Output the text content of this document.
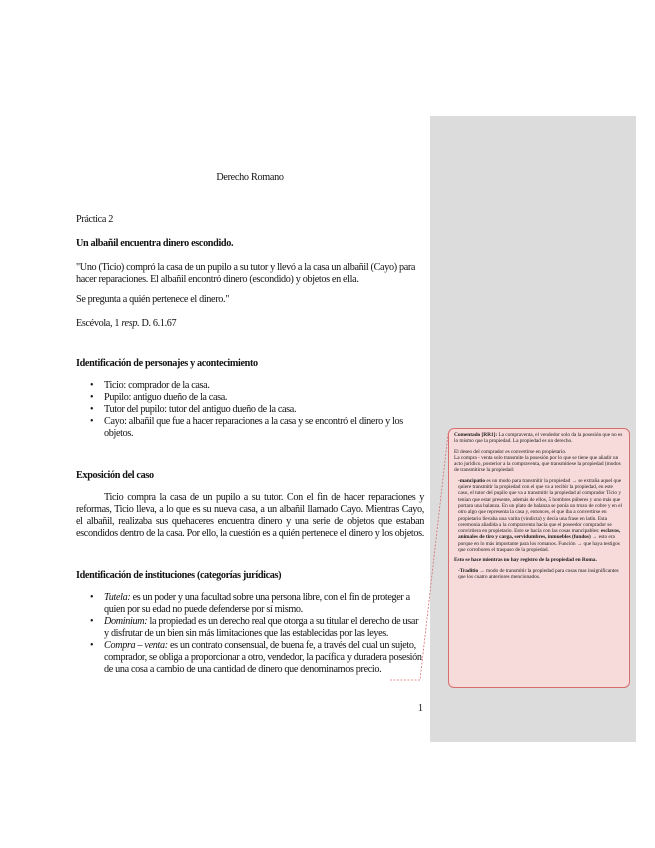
Derecho Romano
Práctica 2
Un albañil encuentra dinero escondido.
"Uno (Ticio) compró la casa de un pupilo a su tutor y llevó a la casa un albañil (Cayo) para hacer reparaciones. El albañil encontró dinero (escondido) y objetos en ella.
Se pregunta a quién pertenece el dinero."
Escévola, 1 resp. D. 6.1.67
Identificación de personajes y acontecimiento
• Ticio: comprador de la casa.
• Pupilo: antiguo dueño de la casa.
• Tutor del pupilo: tutor del antiguo dueño de la casa.
• Cayo: albañil que fue a hacer reparaciones a la casa y se encontró el dinero y los objetos.
Exposición del caso
Ticio compra la casa de un pupilo a su tutor. Con el fin de hacer reparaciones y reformas, Ticio lleva, a lo que es su nueva casa, a un albañil llamado Cayo. Mientras Cayo, el albañil, realizaba sus quehaceres encuentra dinero y una serie de objetos que estaban escondidos dentro de la casa. Por ello, la cuestión es a quién pertenece el dinero y los objetos.
Identificación de instituciones (categorías jurídicas)
• Tutela: es un poder y una facultad sobre una persona libre, con el fin de proteger a quien por su edad no puede defenderse por sí mismo.
• Dominium: la propiedad es un derecho real que otorga a su titular el derecho de usar y disfrutar de un bien sin más limitaciones que las establecidas por las leyes.
• Compra – venta: es un contrato consensual, de buena fe, a través del cual un sujeto, comprador, se obliga a proporcionar a otro, vendedor, la pacífica y duradera posesión de una cosa a cambio de una cantidad de dinero que denominamos precio.
1

Comentado [RR1]: La compraventa, el vendedor solo da la posesión que no es lo mismo que la propiedad. La propiedad es un derecho.

El deseo del comprador es convertirse en propietario.

La compra - venta solo transmite la posesión por lo que se tiene que añadir un acto jurídico, posterior a la compraventa, que transmitiese la propiedad (modos de transmitirse la propiedad:

-mancipatio es un modo para transmitir la propiedad → se extraña aquel que quiere transmitir la propiedad con el que va a recibir la propiedad, en este caso, el tutor del pupilo que va a transmitir la propiedad al comprador Ticio y tenían que estar presente, además de ellos, 5 hombres púberes y uno más que portara una balanza. En un plato de balanza se ponía un trozo de cobre y en el otro algo que representa la casa y, entonces, el que iba a convertirse en propietario llevaba una varita (vindicta) y decía una frase en latín. Esta ceremonia añadida a la compraventa hacía que el poseedor comprador se convirtiera en propietario. Esto se hacía con las cosas mancipables: esclavos, animales de tiro y carga, servidumbres, inmuebles (fundos) → esto era porque en lo más importante para los romanos. Función → que haya testigos que corroboren el traspaso de la propiedad.

Esto se hace mientras no hay registro de la propiedad en Roma.

-Traditio → modo de transmitir la propiedad para cosas mas insignificantes que los cuatro anteriores mencionados.
